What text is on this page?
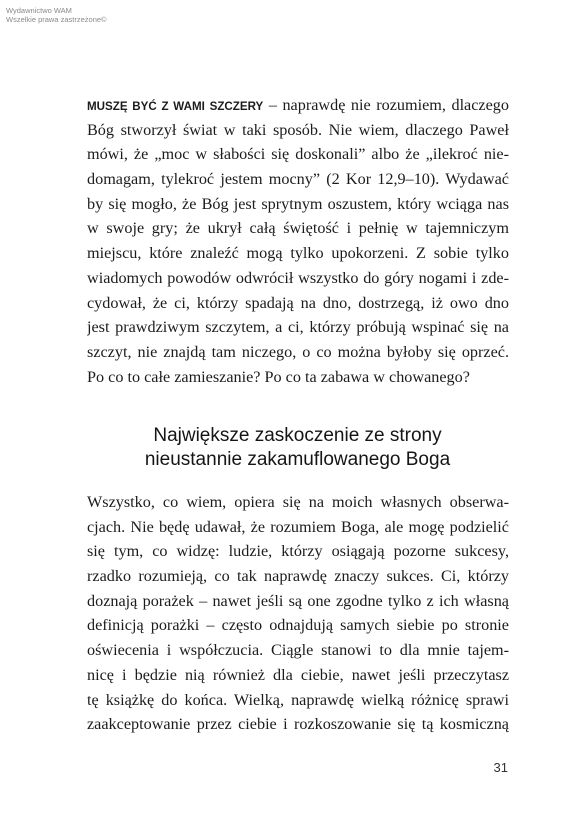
Wydawnictwo WAM
Wszelkie prawa zastrzeżone©
MUSZĘ BYĆ Z WAMI SZCZERY – naprawdę nie rozumiem, dlaczego
Bóg stworzył świat w taki sposób. Nie wiem, dlaczego Paweł
mówi, że „moc w słabości się doskonali” albo że „ilekroć nie-
domagam, tylekroć jestem mocny” (2 Kor 12,9–10). Wydawać
by się mogło, że Bóg jest sprytnym oszustem, który wciąga nas
w swoje gry; że ukrył całą świętość i pełnię w tajemniczym
miejscu, które znaleźć mogą tylko upokorzeni. Z sobie tylko
wiadomych powodów odwrócił wszystko do góry nogami i zde-
cydował, że ci, którzy spadają na dno, dostrzegą, iż owo dno
jest prawdziwym szczytem, a ci, którzy próbują wspinać się na
szczyt, nie znajdą tam niczego, o co można byłoby się oprzeć.
Po co to całe zamieszanie? Po co ta zabawa w chowanego?
Największe zaskoczenie ze strony
nieustannie zakamuflowanego Boga
Wszystko, co wiem, opiera się na moich własnych obserwa-
cjach. Nie będę udawał, że rozumiem Boga, ale mogę podzielić
się tym, co widzę: ludzie, którzy osiągają pozorne sukcesy,
rzadko rozumieją, co tak naprawdę znaczy sukces. Ci, którzy
doznają porażek – nawet jeśli są one zgodne tylko z ich własną
definicją porażki – często odnajdują samych siebie po stronie
oświecenia i współczucia. Ciągle stanowi to dla mnie tajem-
nicę i będzie nią również dla ciebie, nawet jeśli przeczytasz
tę książkę do końca. Wielką, naprawdę wielką różnicę sprawi
zaakceptowanie przez ciebie i rozkoszowanie się tą kosmiczną
31
